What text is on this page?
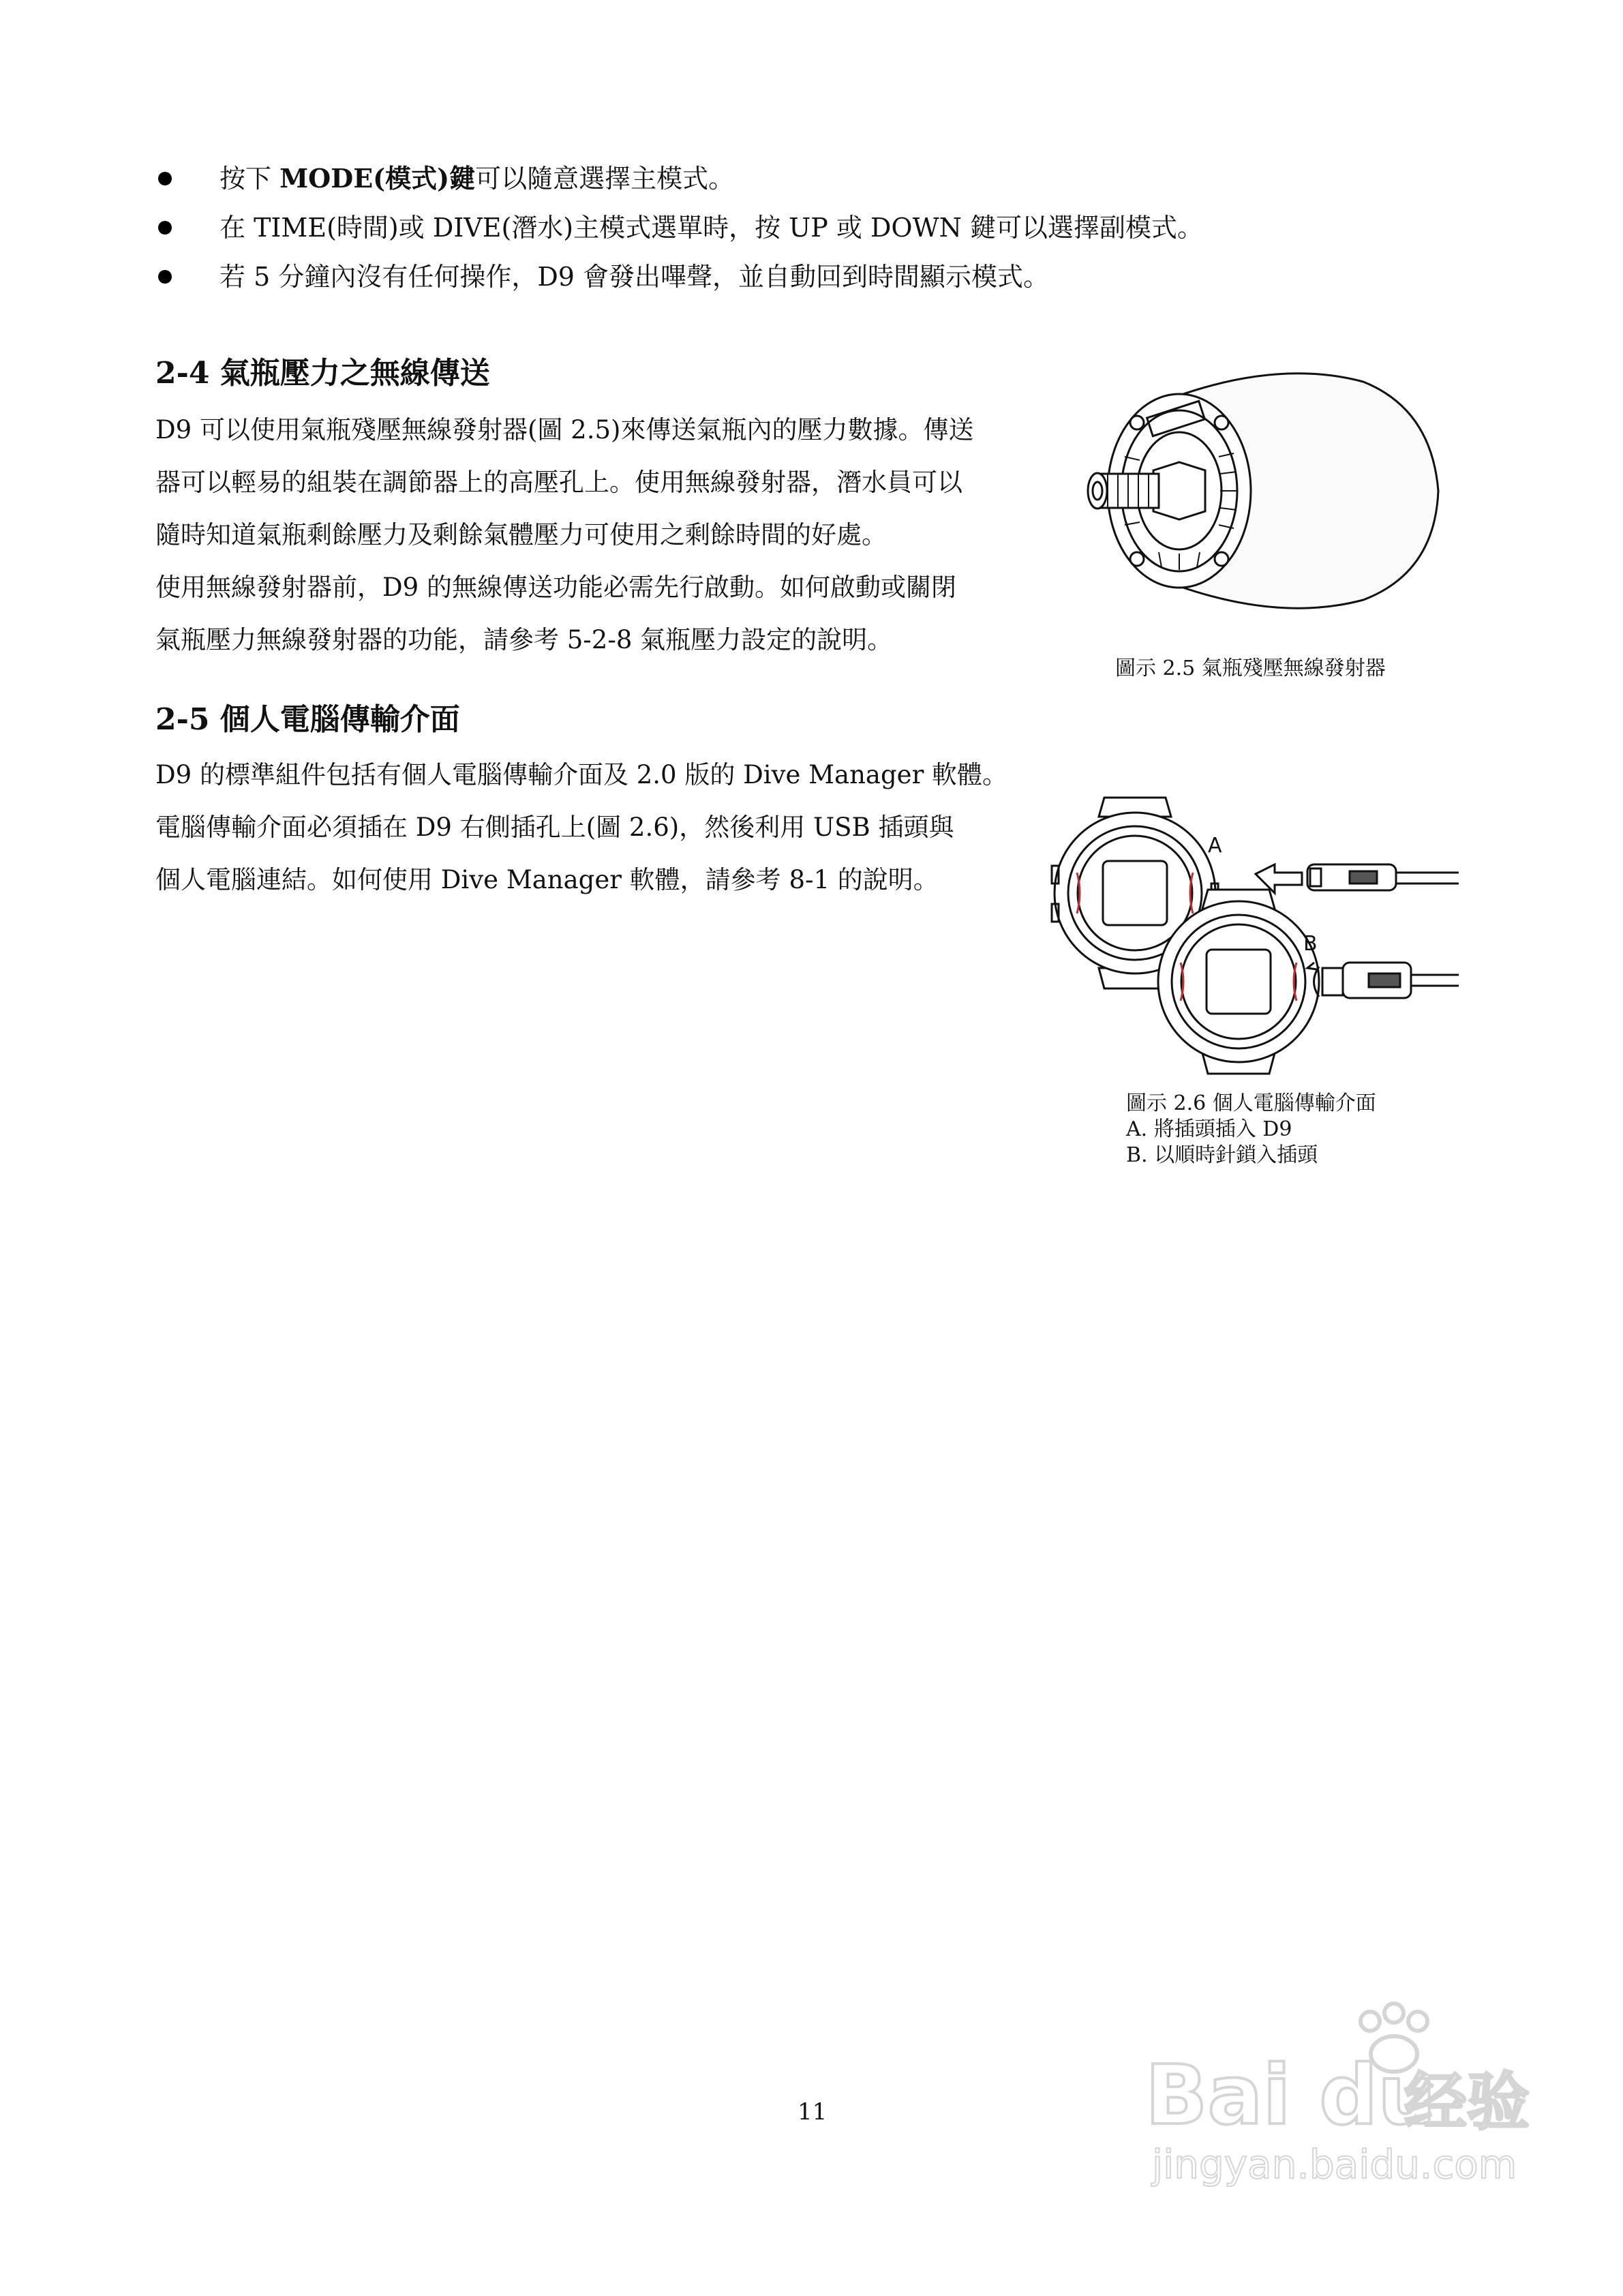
按下 MODE(模式)鍵可以隨意選擇主模式。
在 TIME(時間)或 DIVE(潛水)主模式選單時，按 UP 或 DOWN 鍵可以選擇副模式。
若 5 分鐘內沒有任何操作，D9 會發出嗶聲，並自動回到時間顯示模式。
2-4 氣瓶壓力之無線傳送

D9 可以使用氣瓶殘壓無線發射器(圖 2.5)來傳送氣瓶內的壓力數據。傳送

器可以輕易的組裝在調節器上的高壓孔上。使用無線發射器，潛水員可以

隨時知道氣瓶剩餘壓力及剩餘氣體壓力可使用之剩餘時間的好處。

使用無線發射器前，D9 的無線傳送功能必需先行啟動。如何啟動或關閉

氣瓶壓力無線發射器的功能，請參考 5-2-8 氣瓶壓力設定的說明。

圖示 2.5 氣瓶殘壓無線發射器
2-5 個人電腦傳輸介面

D9 的標準組件包括有個人電腦傳輸介面及 2.0 版的 Dive Manager 軟體。

電腦傳輸介面必須插在 D9 右側插孔上(圖 2.6)，然後利用 USB 插頭與

個人電腦連結。如何使用 Dive Manager 軟體，請參考 8-1 的說明。

A
B
圖示 2.6 個人電腦傳輸介面
A. 將插頭插入 D9
B. 以順時針鎖入插頭
11	Bai du
经验
jingyan.baidu.com
